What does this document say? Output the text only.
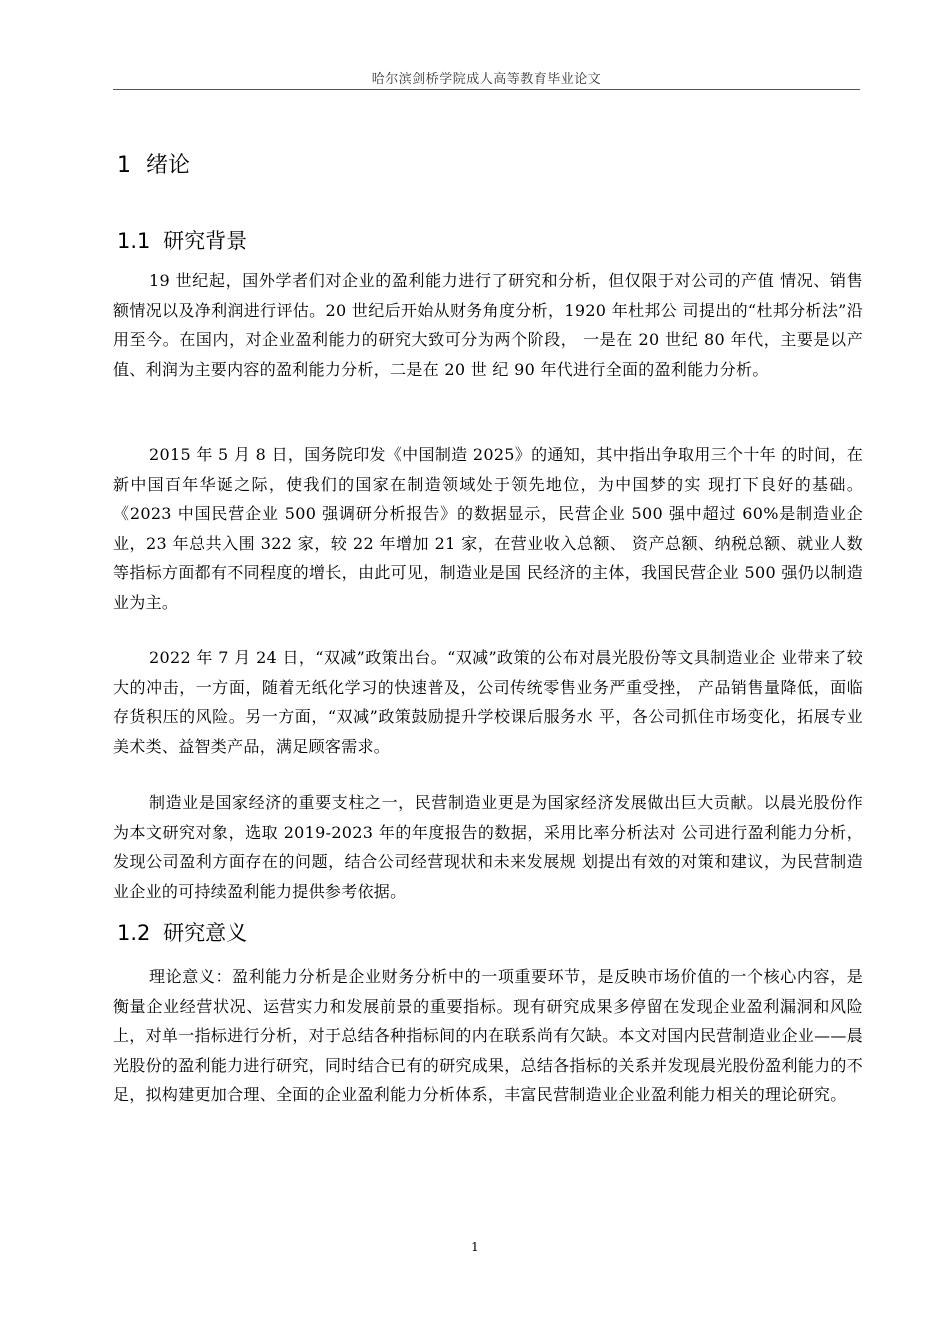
哈尔滨剑桥学院成人高等教育毕业论文
1 绪论
1.1 研究背景

19 世纪起，国外学者们对企业的盈利能力进行了研究和分析，但仅限于对公司的产值 情况、销售额情况以及净利润进行评估。20 世纪后开始从财务角度分析，1920 年杜邦公 司提出的“杜邦分析法”沿用至今。在国内，对企业盈利能力的研究大致可分为两个阶段， 一是在 20 世纪 80 年代，主要是以产值、利润为主要内容的盈利能力分析，二是在 20 世 纪 90 年代进行全面的盈利能力分析。

2015 年 5 月 8 日，国务院印发《中国制造 2025》的通知，其中指出争取用三个十年 的时间，在新中国百年华诞之际，使我们的国家在制造领域处于领先地位，为中国梦的实 现打下良好的基础。《2023 中国民营企业 500 强调研分析报告》的数据显示，民营企业 500 强中超过 60%是制造业企业，23 年总共入围 322 家，较 22 年增加 21 家，在营业收入总额、 资产总额、纳税总额、就业人数等指标方面都有不同程度的增长，由此可见，制造业是国 民经济的主体，我国民营企业 500 强仍以制造业为主。

2022 年 7 月 24 日，“双减”政策出台。“双减”政策的公布对晨光股份等文具制造业企 业带来了较大的冲击，一方面，随着无纸化学习的快速普及，公司传统零售业务严重受挫， 产品销售量降低，面临存货积压的风险。另一方面，“双减”政策鼓励提升学校课后服务水 平，各公司抓住市场变化，拓展专业美术类、益智类产品，满足顾客需求。

制造业是国家经济的重要支柱之一，民营制造业更是为国家经济发展做出巨大贡献。以晨光股份作为本文研究对象，选取 2019-2023 年的年度报告的数据，采用比率分析法对 公司进行盈利能力分析，发现公司盈利方面存在的问题，结合公司经营现状和未来发展规 划提出有效的对策和建议，为民营制造业企业的可持续盈利能力提供参考依据。

1.2 研究意义

理论意义：盈利能力分析是企业财务分析中的一项重要环节，是反映市场价值的一个核心内容，是衡量企业经营状况、运营实力和发展前景的重要指标。现有研究成果多停留在发现企业盈利漏洞和风险上，对单一指标进行分析，对于总结各种指标间的内在联系尚有欠缺。本文对国内民营制造业企业——晨光股份的盈利能力进行研究，同时结合已有的研究成果，总结各指标的关系并发现晨光股份盈利能力的不足，拟构建更加合理、全面的企业盈利能力分析体系，丰富民营制造业企业盈利能力相关的理论研究。

1
